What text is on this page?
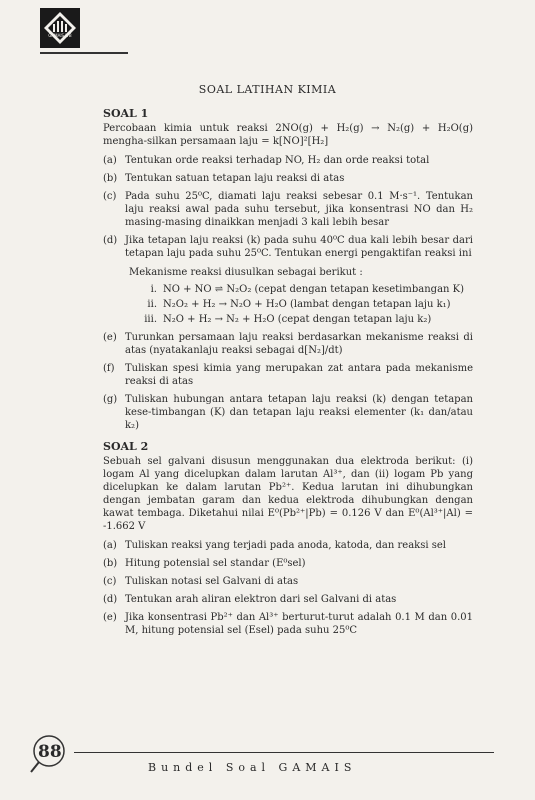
GAMAIS ITB
SOAL LATIHAN KIMIA
SOAL 1
Percobaan kimia untuk reaksi 2NO(g) + H₂(g) → N₂(g) + H₂O(g) mengha-silkan persamaan laju = k[NO]²[H₂]
(a) Tentukan orde reaksi terhadap NO, H₂ dan orde reaksi total
(b) Tentukan satuan tetapan laju reaksi di atas
(c) Pada suhu 25⁰C, diamati laju reaksi sebesar 0.1 M·s⁻¹. Tentukan laju reaksi awal pada suhu tersebut, jika konsentrasi NO dan H₂ masing-masing dinaikkan menjadi 3 kali lebih besar
(d) Jika tetapan laju reaksi (k) pada suhu 40⁰C dua kali lebih besar dari tetapan laju pada suhu 25⁰C. Tentukan energi pengaktifan reaksi ini
Mekanisme reaksi diusulkan sebagai berikut :
i. NO + NO ⇌ N₂O₂ (cepat dengan tetapan kesetimbangan K)
ii. N₂O₂ + H₂ → N₂O + H₂O (lambat dengan tetapan laju k₁)
iii. N₂O + H₂ → N₂ + H₂O (cepat dengan tetapan laju k₂)
(e) Turunkan persamaan laju reaksi berdasarkan mekanisme reaksi di atas (nyatakanlaju reaksi sebagai d[N₂]/dt)
(f)	Tuliskan spesi kimia yang merupakan zat antara pada mekanisme reaksi di atas
(g) Tuliskan hubungan antara tetapan laju reaksi (k) dengan tetapan kese-timbangan (K) dan tetapan laju reaksi elementer (k₁ dan/atau k₂)
SOAL 2
Sebuah sel galvani disusun menggunakan dua elektroda berikut: (i) logam Al yang dicelupkan dalam larutan Al³⁺, dan (ii) logam Pb yang dicelupkan ke dalam larutan Pb²⁺. Kedua larutan ini dihubungkan dengan jembatan garam dan kedua elektroda dihubungkan dengan kawat tembaga. Diketahui nilai E⁰(Pb²⁺|Pb) = 0.126 V dan E⁰(Al³⁺|Al) = -1.662 V
(a) Tuliskan reaksi yang terjadi pada anoda, katoda, dan reaksi sel
(b) Hitung potensial sel standar (E⁰sel)
(c) Tuliskan notasi sel Galvani di atas
(d) Tentukan arah aliran elektron dari sel Galvani di atas
(e) Jika konsentrasi Pb²⁺ dan Al³⁺ berturut-turut adalah 0.1 M dan 0.01 M, hitung potensial sel (Esel) pada suhu 25⁰C
88
Bundel Soal GAMAIS
